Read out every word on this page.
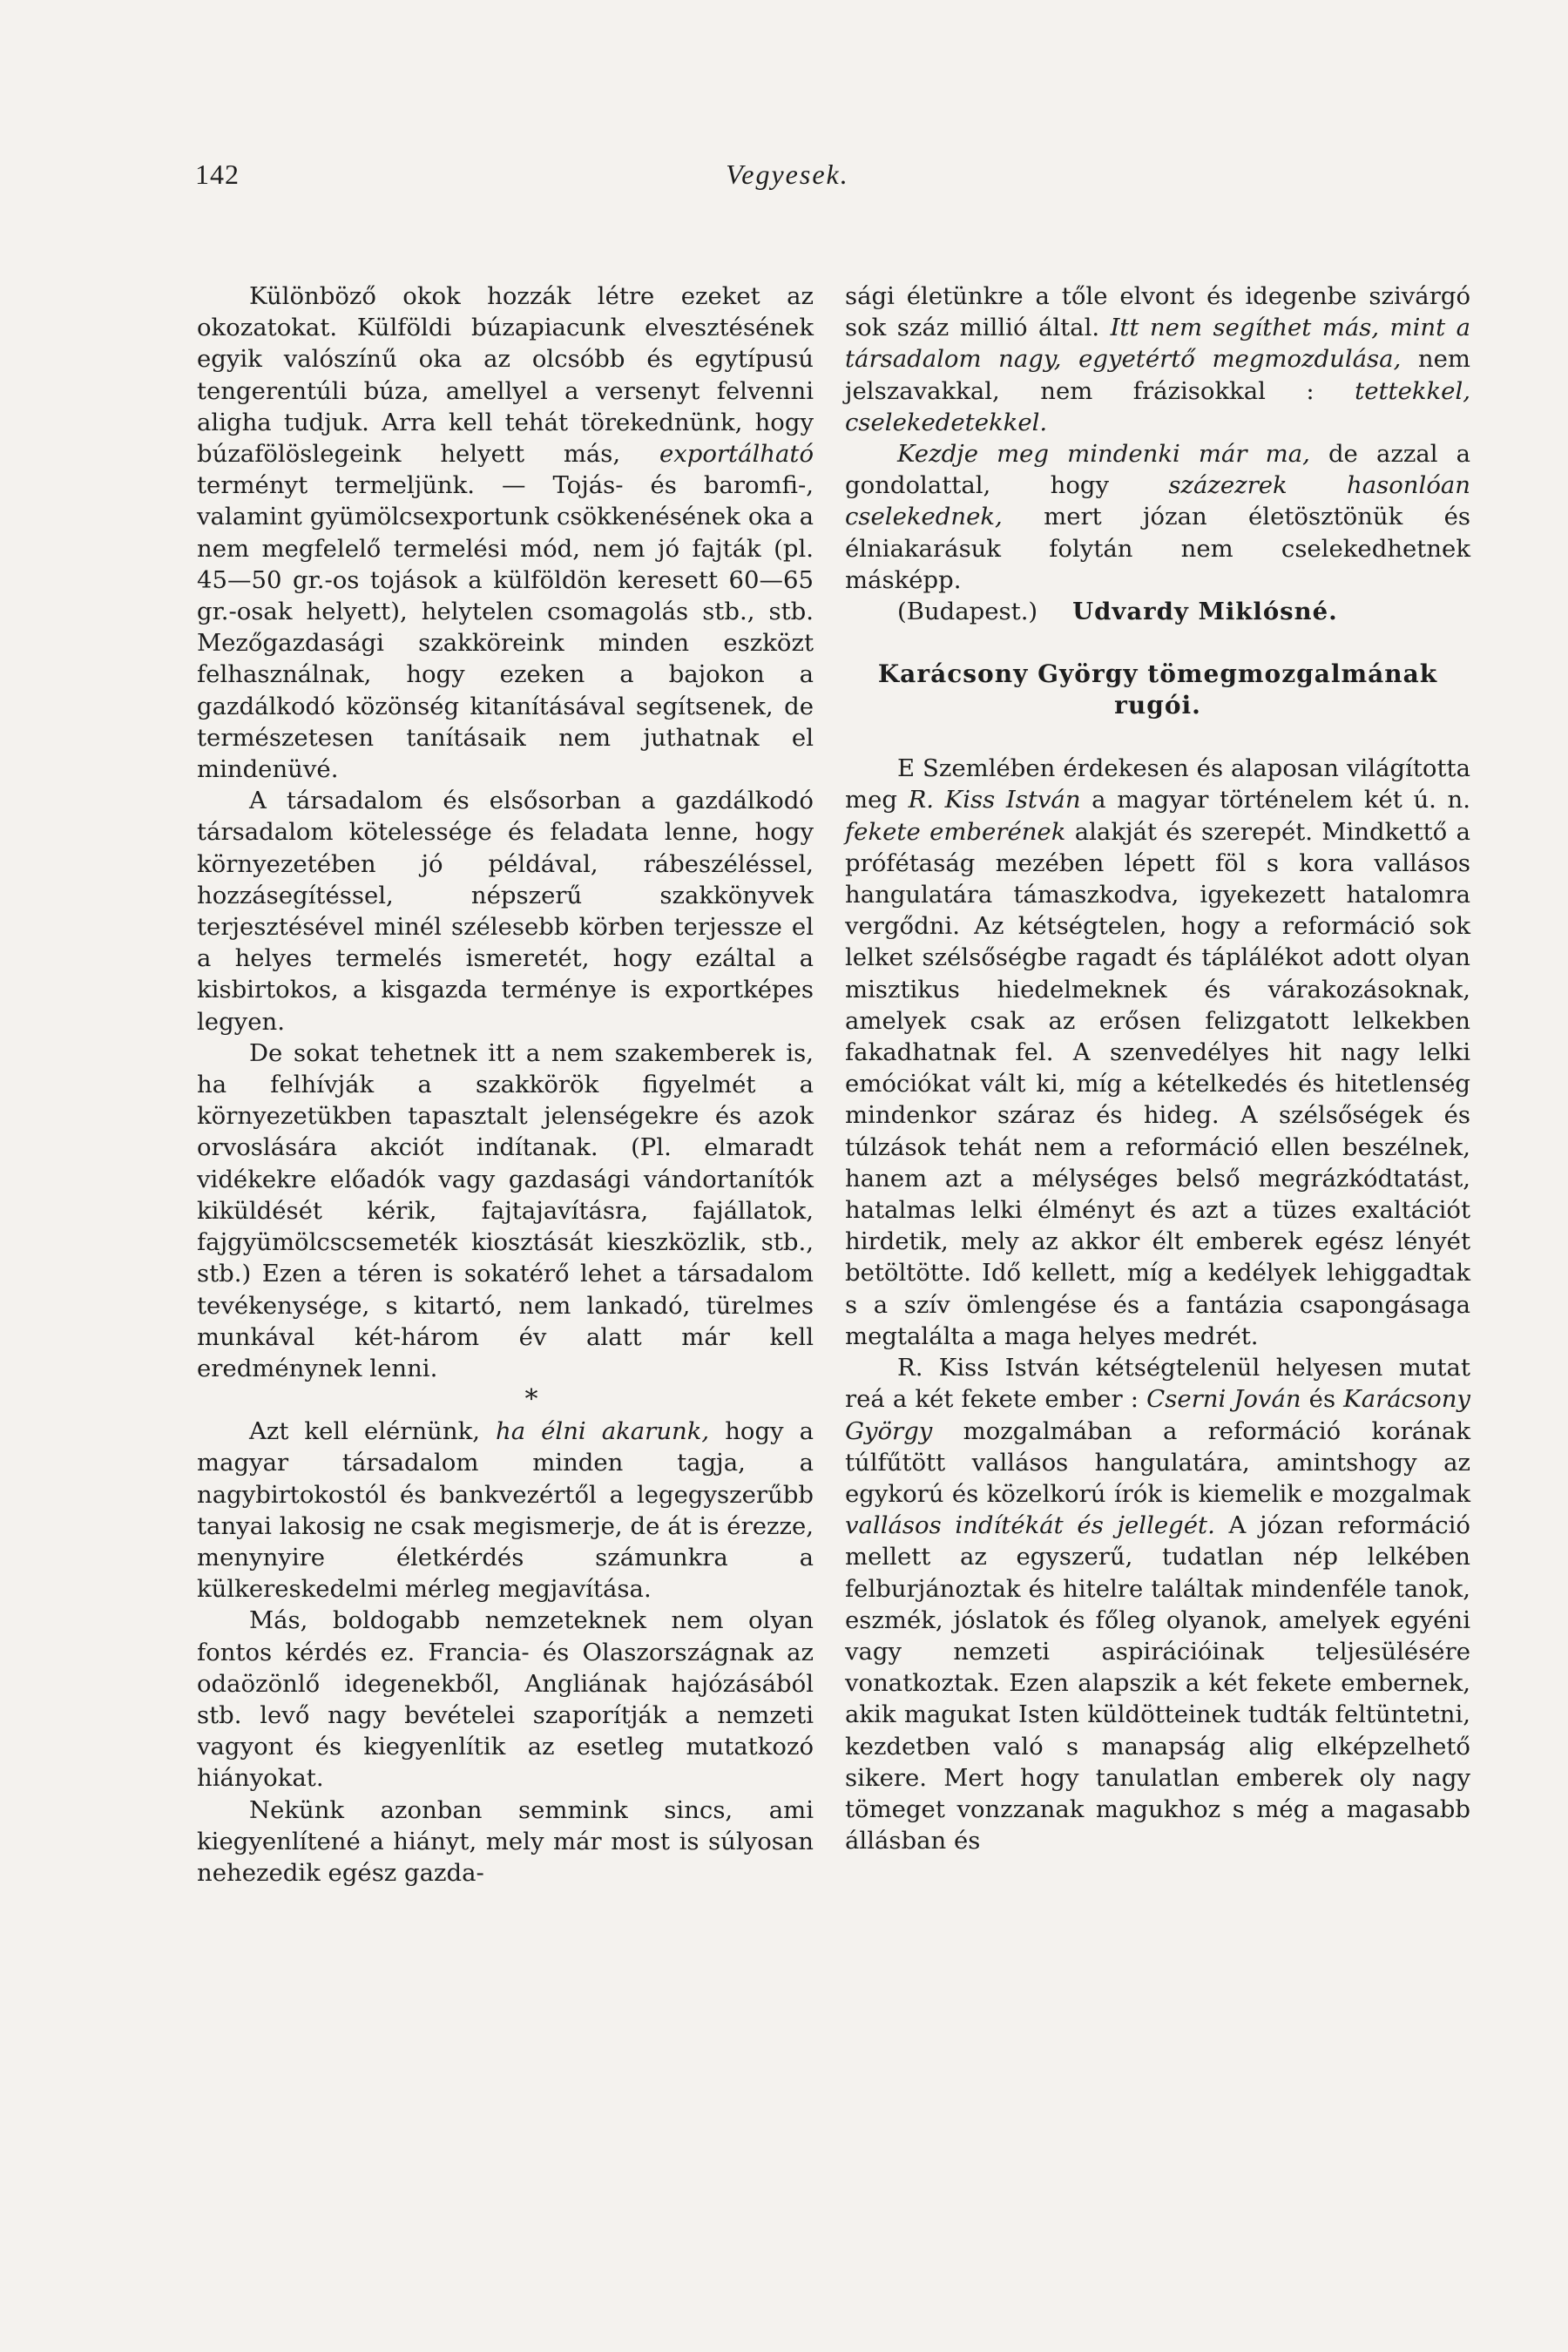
142	Vegyesek.

Különböző okok hozzák létre ezeket az okozatokat. Külföldi búzapiacunk elvesztésének egyik valószínű oka az olcsóbb és egytípusú tengerentúli búza, amellyel a versenyt felvenni aligha tudjuk. Arra kell tehát törekednünk, hogy búzafölöslegeink helyett más, exportálható terményt termeljünk. — Tojás- és baromfi-, valamint gyümölcsexportunk csökkenésének oka a nem megfelelő termelési mód, nem jó fajták (pl. 45—50 gr.-os tojások a külföldön keresett 60—65 gr.-osak helyett), helytelen csomagolás stb., stb. Mezőgazdasági szakköreink minden eszközt felhasználnak, hogy ezeken a bajokon a gazdálkodó közönség kitanításával segítsenek, de természetesen tanításaik nem juthatnak el mindenüvé.

A társadalom és elsősorban a gazdálkodó társadalom kötelessége és feladata lenne, hogy környezetében jó példával, rábeszéléssel, hozzásegítéssel, népszerű szakkönyvek terjesztésével minél szélesebb körben terjessze el a helyes termelés ismeretét, hogy ezáltal a kisbirtokos, a kisgazda terménye is exportképes legyen.

De sokat tehetnek itt a nem szakemberek is, ha felhívják a szakkörök figyelmét a környezetükben tapasztalt jelenségekre és azok orvoslására akciót indítanak. (Pl. elmaradt vidékekre előadók vagy gazdasági vándortanítók kiküldését kérik, fajtajavításra, fajállatok, fajgyümölcscsemeték kiosztását kieszközlik, stb., stb.) Ezen a téren is sokatérő lehet a társadalom tevékenysége, s kitartó, nem lankadó, türelmes munkával két-három év alatt már kell eredménynek lenni.

*

Azt kell elérnünk, ha élni akarunk, hogy a magyar társadalom minden tagja, a nagybirtokostól és bankvezértől a legegyszerűbb tanyai lakosig ne csak megismerje, de át is érezze, menynyire életkérdés számunkra a külkereskedelmi mérleg megjavítása.

Más, boldogabb nemzeteknek nem olyan fontos kérdés ez. Francia- és Olaszországnak az odaözönlő idegenekből, Angliának hajózásából stb. levő nagy bevételei szaporítják a nemzeti vagyont és kiegyenlítik az esetleg mutatkozó hiányokat.

Nekünk azonban semmink sincs, ami kiegyenlítené a hiányt, mely már most is súlyosan nehezedik egész gazda-

sági életünkre a tőle elvont és idegenbe szivárgó sok száz millió által. Itt nem segíthet más, mint a társadalom nagy, egyetértő megmozdulása, nem jelszavakkal, nem frázisokkal : tettekkel, cselekedetekkel.

Kezdje meg mindenki már ma, de azzal a gondolattal, hogy százezrek hasonlóan cselekednek, mert józan életösztönük és élniakarásuk folytán nem cselekedhetnek másképp.

(Budapest.) Udvardy Miklósné.

Karácsony György tömegmozgalmának rugói.

E Szemlében érdekesen és alaposan világította meg R. Kiss István a magyar történelem két ú. n. fekete emberének alakját és szerepét. Mindkettő a prófétaság mezében lépett föl s kora vallásos hangulatára támaszkodva, igyekezett hatalomra vergődni. Az kétségtelen, hogy a reformáció sok lelket szélsőségbe ragadt és táplálékot adott olyan misztikus hiedelmeknek és várakozásoknak, amelyek csak az erősen felizgatott lelkekben fakadhatnak fel. A szenvedélyes hit nagy lelki emóciókat vált ki, míg a kételkedés és hitetlenség mindenkor száraz és hideg. A szélsőségek és túlzások tehát nem a reformáció ellen beszélnek, hanem azt a mélységes belső megrázkódtatást, hatalmas lelki élményt és azt a tüzes exaltációt hirdetik, mely az akkor élt emberek egész lényét betöltötte. Idő kellett, míg a kedélyek lehiggadtak s a szív ömlengése és a fantázia csapongásaga megtalálta a maga helyes medrét.

R. Kiss István kétségtelenül helyesen mutat reá a két fekete ember : Cserni Jován és Karácsony György mozgalmában a reformáció korának túlfűtött vallásos hangulatára, amintshogy az egykorú és közelkorú írók is kiemelik e mozgalmak vallásos indítékát és jellegét. A józan reformáció mellett az egyszerű, tudatlan nép lelkében felburjánoztak és hitelre találtak mindenféle tanok, eszmék, jóslatok és főleg olyanok, amelyek egyéni vagy nemzeti aspirációinak teljesülésére vonatkoztak. Ezen alapszik a két fekete embernek, akik magukat Isten küldötteinek tudták feltüntetni, kezdetben való s manapság alig elképzelhető sikere. Mert hogy tanulatlan emberek oly nagy tömeget vonzzanak magukhoz s még a magasabb állásban és
